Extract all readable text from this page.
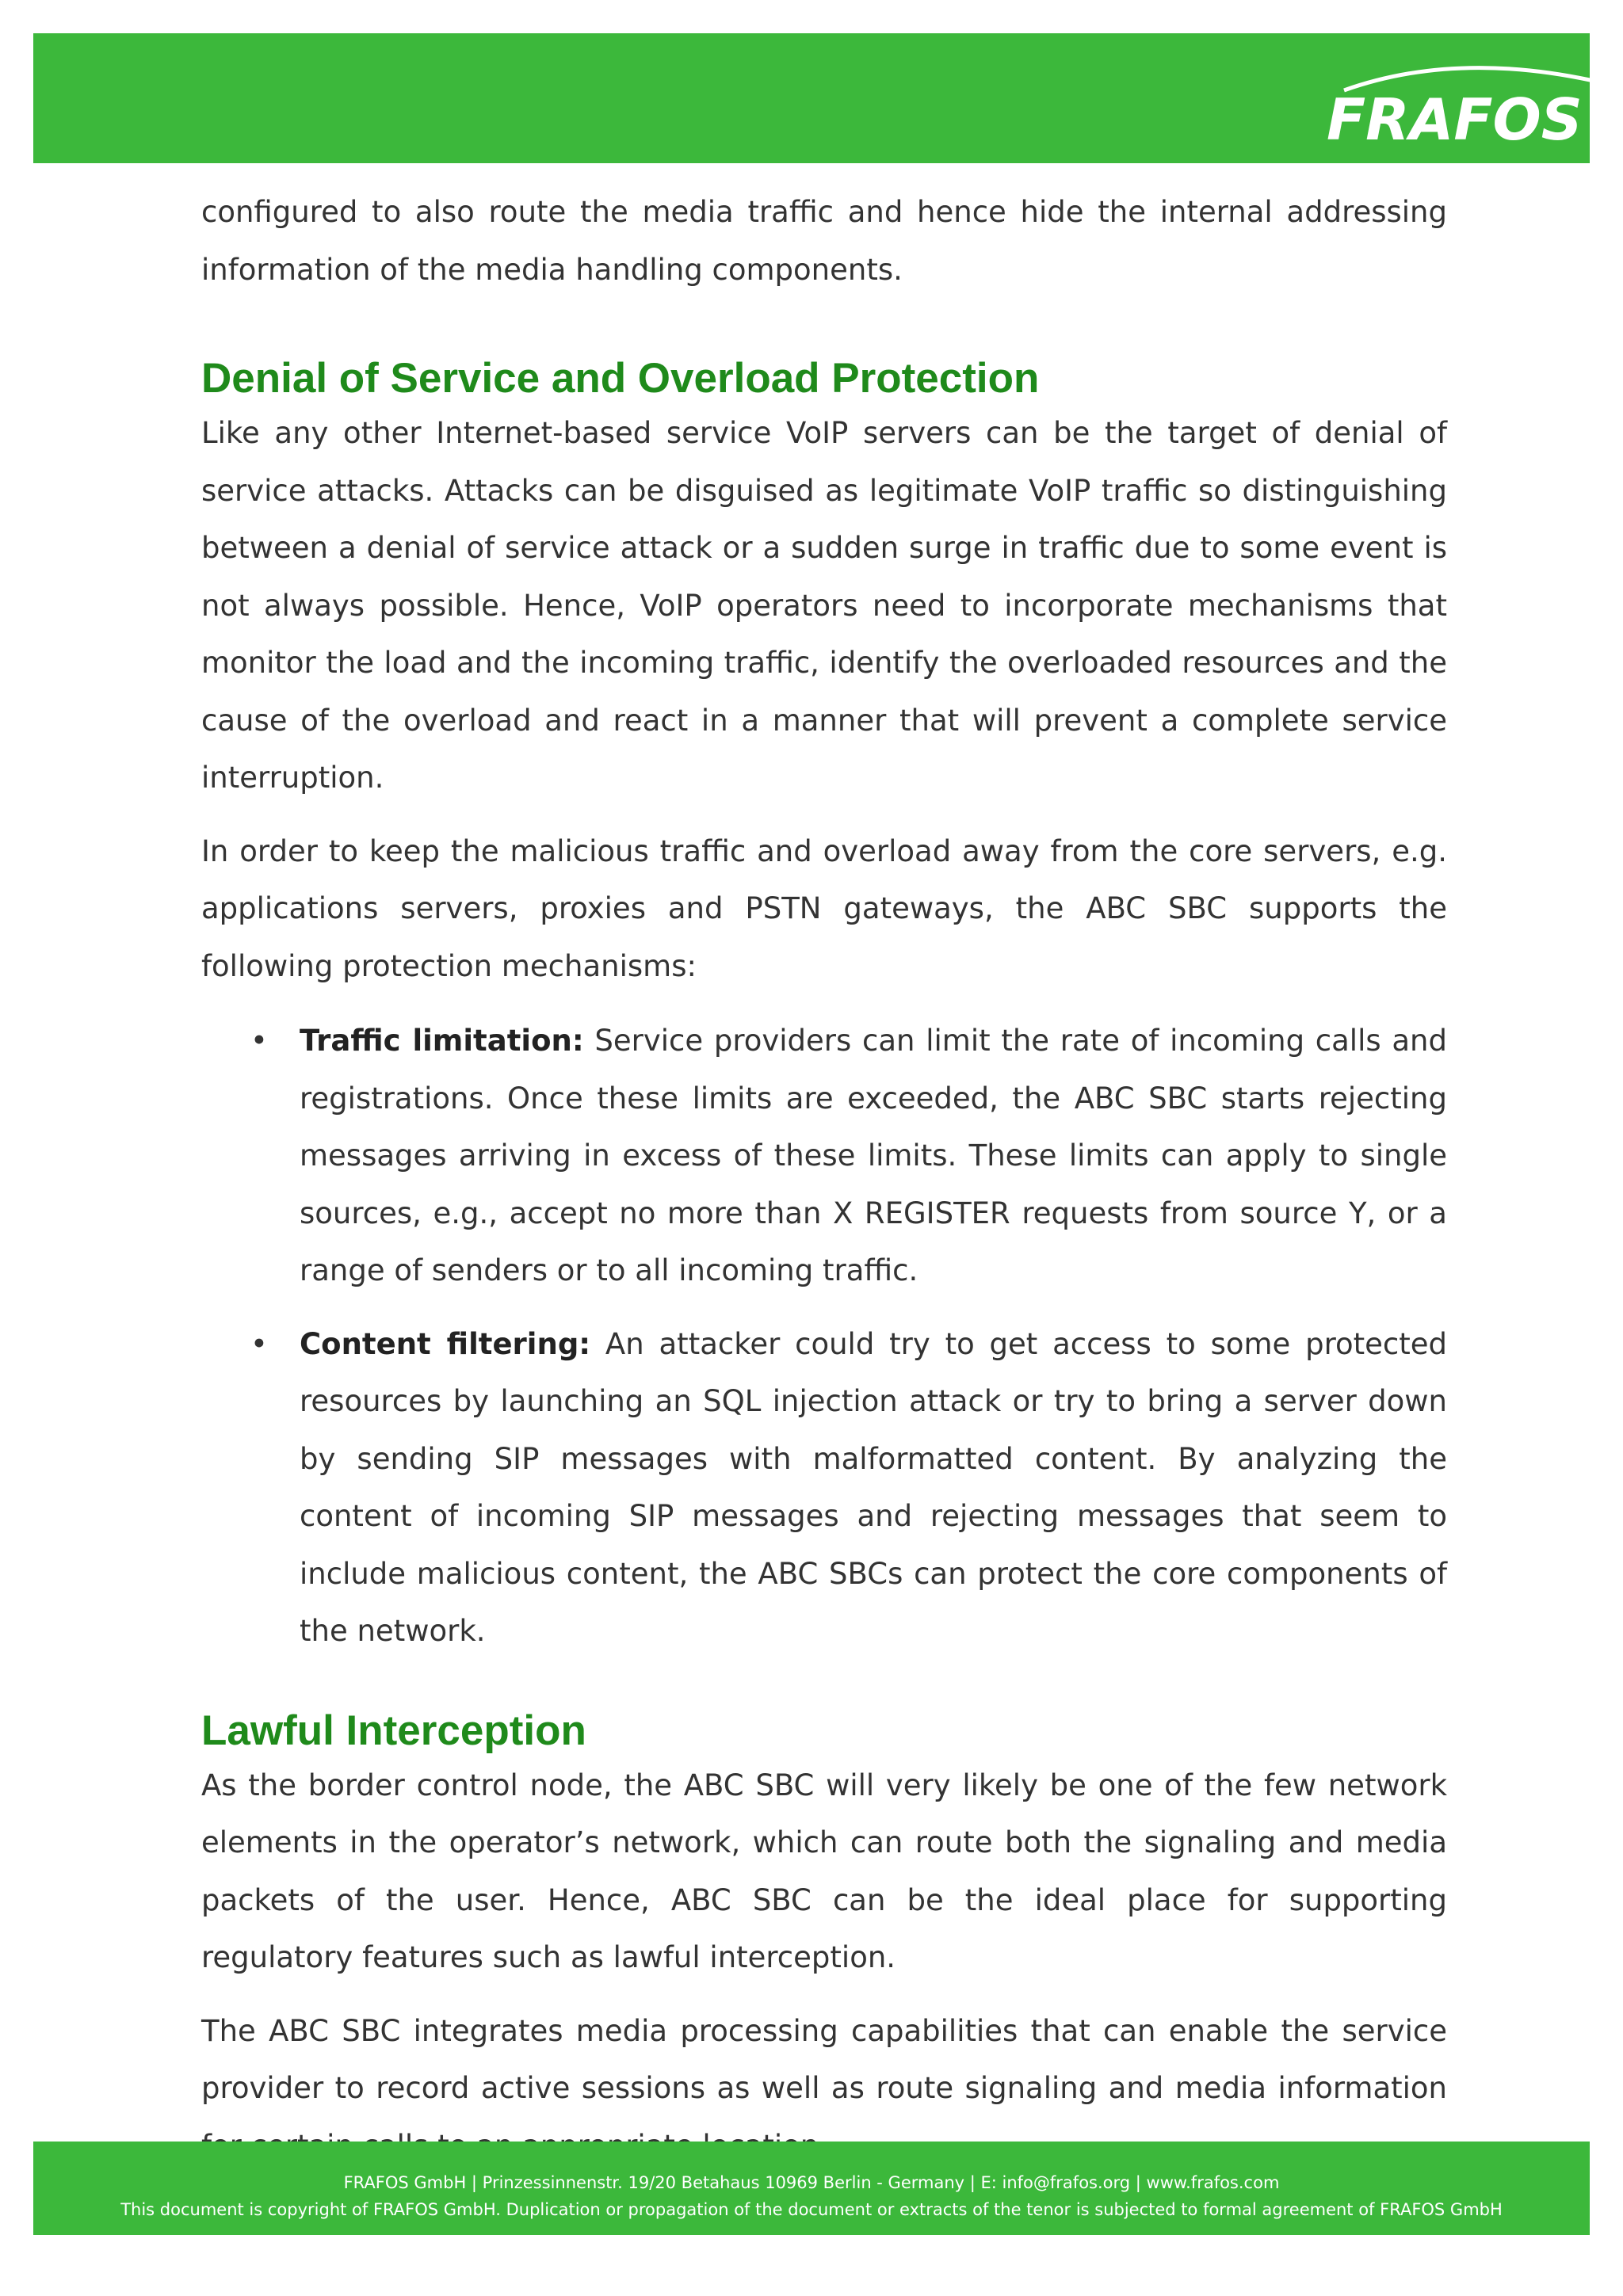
FRAFOS

configured to also route the media traffic and hence hide the internal addressing information of the media handling components.

Denial of Service and Overload Protection

Like any other Internet-based service VoIP servers can be the target of denial of service attacks. Attacks can be disguised as legitimate VoIP traffic so distinguishing between a denial of service attack or a sudden surge in traffic due to some event is not always possible. Hence, VoIP operators need to incorporate mechanisms that monitor the load and the incoming traffic, identify the overloaded resources and the cause of the overload and react in a manner that will prevent a complete service interruption.

In order to keep the malicious traffic and overload away from the core servers, e.g. applications servers, proxies and PSTN gateways, the ABC SBC supports the following protection mechanisms:

• Traffic limitation: Service providers can limit the rate of incoming calls and registrations. Once these limits are exceeded, the ABC SBC starts rejecting messages arriving in excess of these limits. These limits can apply to single sources, e.g., accept no more than X REGISTER requests from source Y, or a range of senders or to all incoming traffic.
• Content filtering: An attacker could try to get access to some protected resources by launching an SQL injection attack or try to bring a server down by sending SIP messages with malformatted content. By analyzing the content of incoming SIP messages and rejecting messages that seem to include malicious content, the ABC SBCs can protect the core components of the network.
Lawful Interception

As the border control node, the ABC SBC will very likely be one of the few network elements in the operator’s network, which can route both the signaling and media packets of the user. Hence, ABC SBC can be the ideal place for supporting regulatory features such as lawful interception.

The ABC SBC integrates media processing capabilities that can enable the service provider to record active sessions as well as route signaling and media information

FRAFOS GmbH | Prinzessinnenstr. 19/20 Betahaus 10969 Berlin - Germany | E: info@frafos.org | www.frafos.com
This document is copyright of FRAFOS GmbH. Duplication or propagation of the document or extracts of the tenor is subjected to formal agreement of FRAFOS GmbH
